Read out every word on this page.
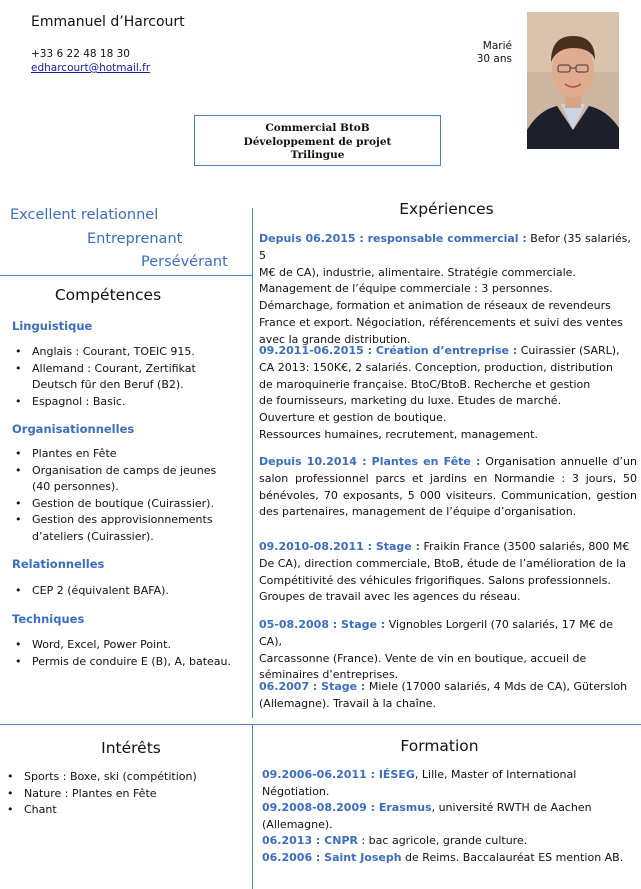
Emmanuel d’Harcourt
+33 6 22 48 18 30
edharcourt@hotmail.fr
Marié
30 ans
Commercial BtoB
Développement de projet
Trilingue
Excellent relationnel
Entreprenant
Persévérant
Compétences
Linguistique
• Anglais : Courant, TOEIC 915.
• Allemand : Courant, Zertifikat Deutsch für den Beruf (B2).
• Espagnol : Basic.
Organisationnelles
• Plantes en Fête
• Organisation de camps de jeunes (40 personnes).
• Gestion de boutique (Cuirassier).
• Gestion des approvisionnements d’ateliers (Cuirassier).
Relationnelles
• CEP 2 (équivalent BAFA).
Techniques
• Word, Excel, Power Point.
• Permis de conduire E (B), A, bateau.
Expériences
Depuis 06.2015 : responsable commercial : Befor (35 salariés, 5
M€ de CA), industrie, alimentaire. Stratégie commerciale.
Management de l’équipe commerciale : 3 personnes.
Démarchage, formation et animation de réseaux de revendeurs
France et export. Négociation, référencements et suivi des ventes
avec la grande distribution.
09.2011-06.2015 : Création d’entreprise : Cuirassier (SARL),
CA 2013: 150K€, 2 salariés. Conception, production, distribution
de maroquinerie française. BtoC/BtoB. Recherche et gestion
de fournisseurs, marketing du luxe. Etudes de marché.
Ouverture et gestion de boutique.
Ressources humaines, recrutement, management.
Depuis 10.2014 : Plantes en Fête : Organisation annuelle d’un salon professionnel parcs et jardins en Normandie : 3 jours, 50 bénévoles, 70 exposants, 5 000 visiteurs. Communication, gestion des partenaires, management de l’équipe d’organisation.
09.2010-08.2011 : Stage : Fraikin France (3500 salariés, 800 M€
De CA), direction commerciale, BtoB, étude de l’amélioration de la
Compétitivité des véhicules frigorifiques. Salons professionnels.
Groupes de travail avec les agences du réseau.
05-08.2008 : Stage : Vignobles Lorgeril (70 salariés, 17 M€ de CA),
Carcassonne (France). Vente de vin en boutique, accueil de
séminaires d’entreprises.
06.2007 : Stage : Miele (17000 salariés, 4 Mds de CA), Gütersloh
(Allemagne). Travail à la chaîne.
Intérêts
• Sports : Boxe, ski (compétition)
• Nature : Plantes en Fête
• Chant
Formation
09.2006-06.2011 : IÉSEG, Lille, Master of International
Négotiation.
09.2008-08.2009 : Erasmus, université RWTH de Aachen
(Allemagne).
06.2013 : CNPR : bac agricole, grande culture.
06.2006 : Saint Joseph de Reims. Baccalauréat ES mention AB.
